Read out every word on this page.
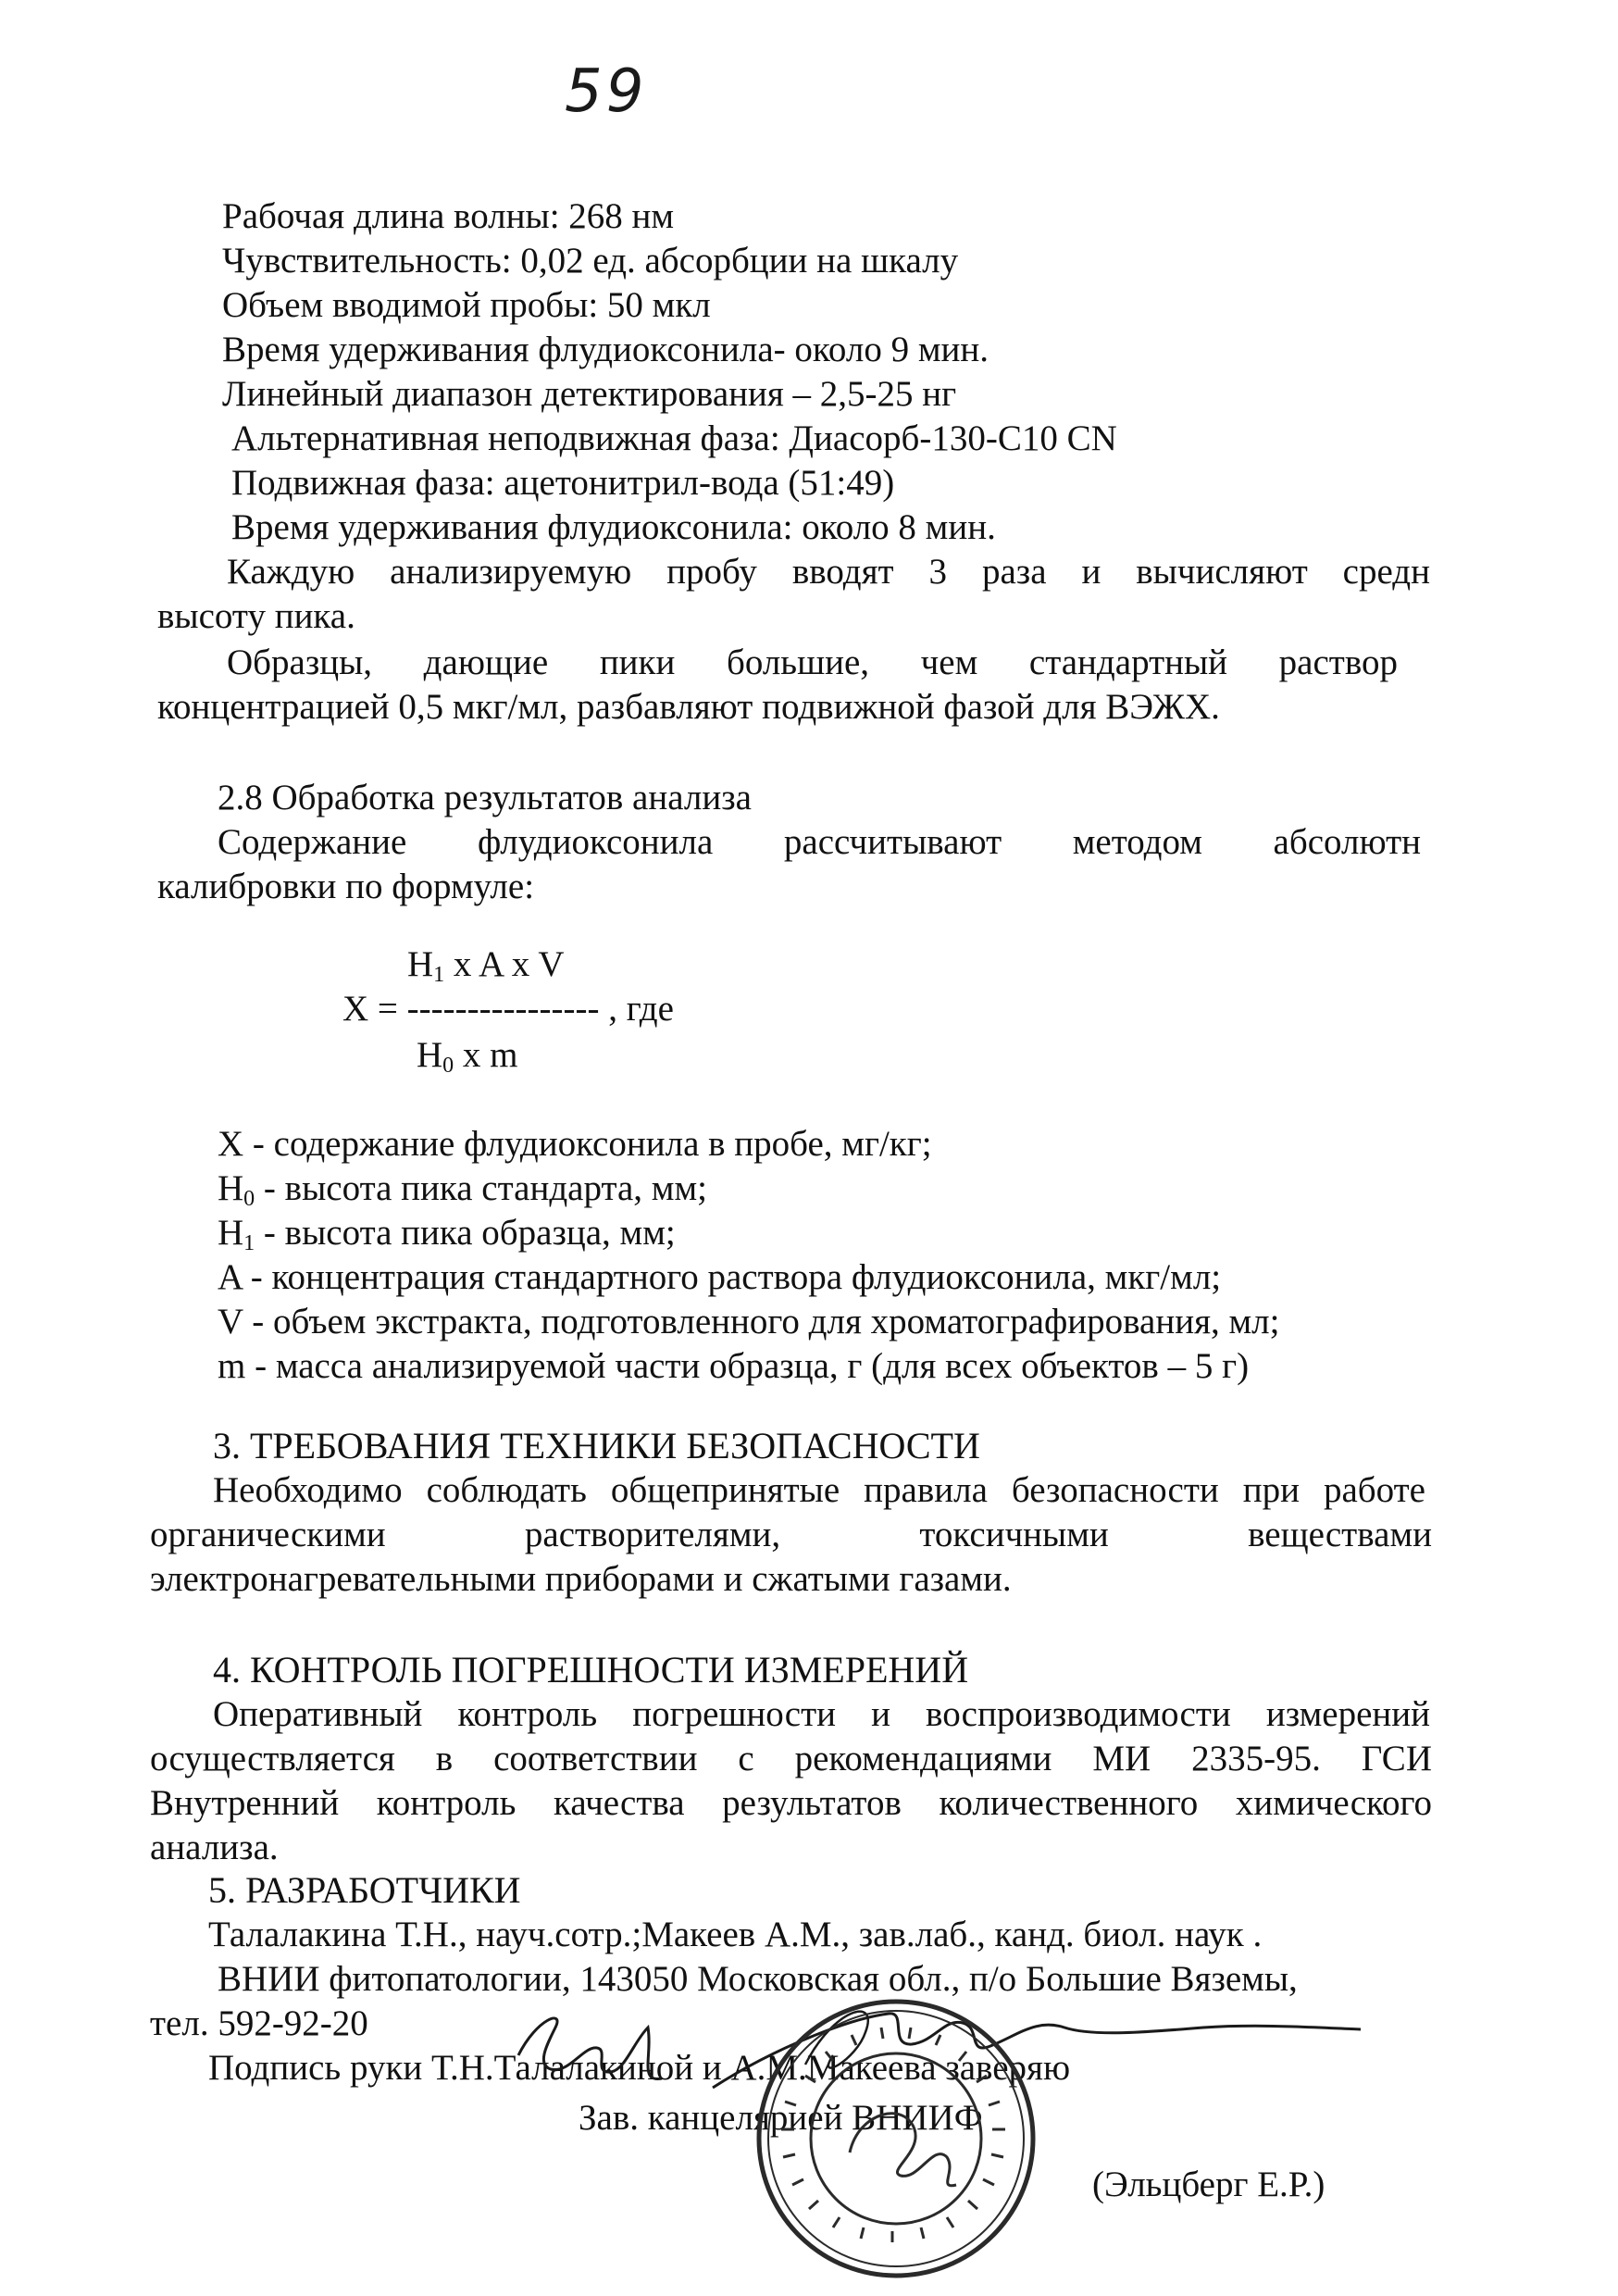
59
Рабочая длина волны: 268 нм
Чувствительность: 0,02 ед. абсорбции на шкалу
Объем вводимой пробы: 50 мкл
Время удерживания флудиоксонила- около 9 мин.
Линейный диапазон детектирования – 2,5-25 нг
Альтернативная неподвижная фаза: Диасорб-130-С10 CN
Подвижная фаза: ацетонитрил-вода (51:49)
Время удерживания флудиоксонила: около 8 мин.
Каждую анализируемую пробу вводят 3 раза и вычисляют средн
высоту пика.
Образцы, дающие пики большие, чем стандартный раствор
концентрацией 0,5 мкг/мл, разбавляют подвижной фазой для ВЭЖХ.
2.8 Обработка результатов анализа
Содержание флудиоксонила рассчитывают методом абсолютн
калибровки по формуле:
$H_1$ x A x V
X = ---------------- , где
$H_0$ x m
X - содержание флудиоксонила в пробе, мг/кг;
$H_0$ - высота пика стандарта, мм;
$H_1$ - высота пика образца, мм;
A - концентрация стандартного раствора флудиоксонила, мкг/мл;
V - объем экстракта, подготовленного для хроматографирования, мл;
m - масса анализируемой части образца, г (для всех объектов – 5 г)
3. ТРЕБОВАНИЯ ТЕХНИКИ БЕЗОПАСНОСТИ
Необходимо соблюдать общепринятые правила безопасности при работе
органическими растворителями, токсичными веществами
электронагревательными приборами и сжатыми газами.
4. КОНТРОЛЬ ПОГРЕШНОСТИ ИЗМЕРЕНИЙ
Оперативный контроль погрешности и воспроизводимости измерений
осуществляется в соответствии с рекомендациями МИ 2335-95. ГСИ
Внутренний контроль качества результатов количественного химического
анализа.
5. РАЗРАБОТЧИКИ
Талалакина Т.Н., науч.сотр.;Макеев А.М., зав.лаб., канд. биол. наук .
ВНИИ фитопатологии, 143050 Московская обл., п/о Большие Вяземы,
тел. 592-92-20
Подпись руки Т.Н.Талалакиной и А.М.Макеева заверяю
Зав. канцелярией ВНИИФ
(Эльцберг Е.Р.)
